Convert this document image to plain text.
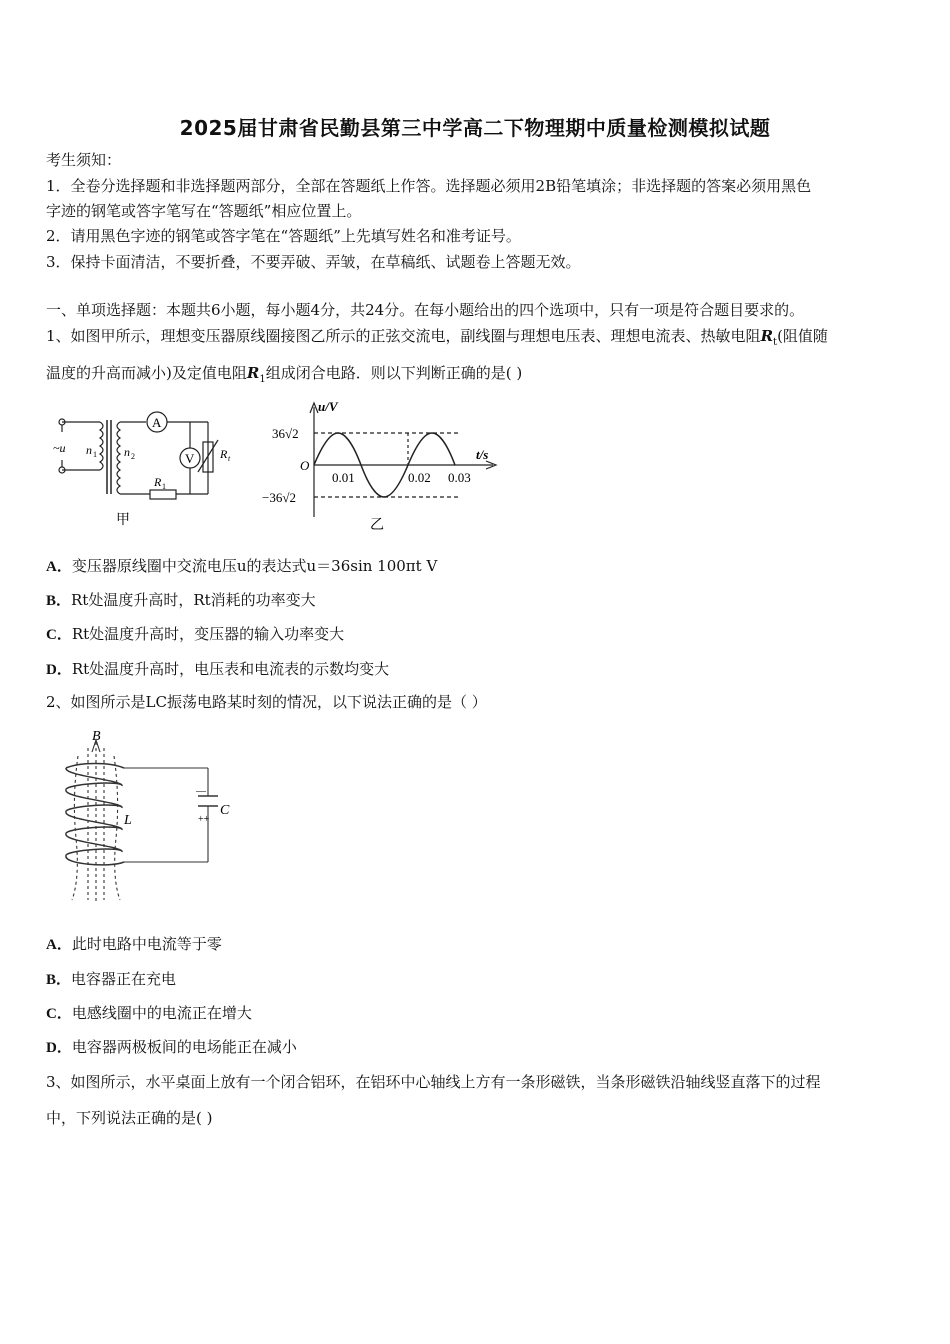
2025届甘肃省民勤县第三中学高二下物理期中质量检测模拟试题
考生须知：
1．全卷分选择题和非选择题两部分，全部在答题纸上作答。选择题必须用2B铅笔填涂；非选择题的答案必须用黑色
字迹的钢笔或答字笔写在“答题纸”相应位置上。
2．请用黑色字迹的钢笔或答字笔在“答题纸”上先填写姓名和准考证号。
3．保持卡面清洁，不要折叠，不要弄破、弄皱，在草稿纸、试题卷上答题无效。
一、单项选择题：本题共6小题，每小题4分，共24分。在每小题给出的四个选项中，只有一项是符合题目要求的。
1、如图甲所示，理想变压器原线圈接图乙所示的正弦交流电，副线圈与理想电压表、理想电流表、热敏电阻$R_t$(阻值随
温度的升高而减小)及定值电阻$R_1$组成闭合电路．则以下判断正确的是( )
~u n 1 n 2
A
V R t
R 1
甲
u/V
t/s
O
36√2
−36√2
0.01	0.02 0.03
乙
A．变压器原线圈中交流电压u的表达式u＝36sin 100πt V
B．Rt处温度升高时，Rt消耗的功率变大
C．Rt处温度升高时，变压器的输入功率变大
D．Rt处温度升高时，电压表和电流表的示数均变大
2、如图所示是LC振荡电路某时刻的情况，以下说法正确的是（ ）
B
L
C
—
++
A．此时电路中电流等于零
B．电容器正在充电
C．电感线圈中的电流正在增大
D．电容器两极板间的电场能正在减小
3、如图所示，水平桌面上放有一个闭合铝环，在铝环中心轴线上方有一条形磁铁，当条形磁铁沿轴线竖直落下的过程
中，下列说法正确的是( )
